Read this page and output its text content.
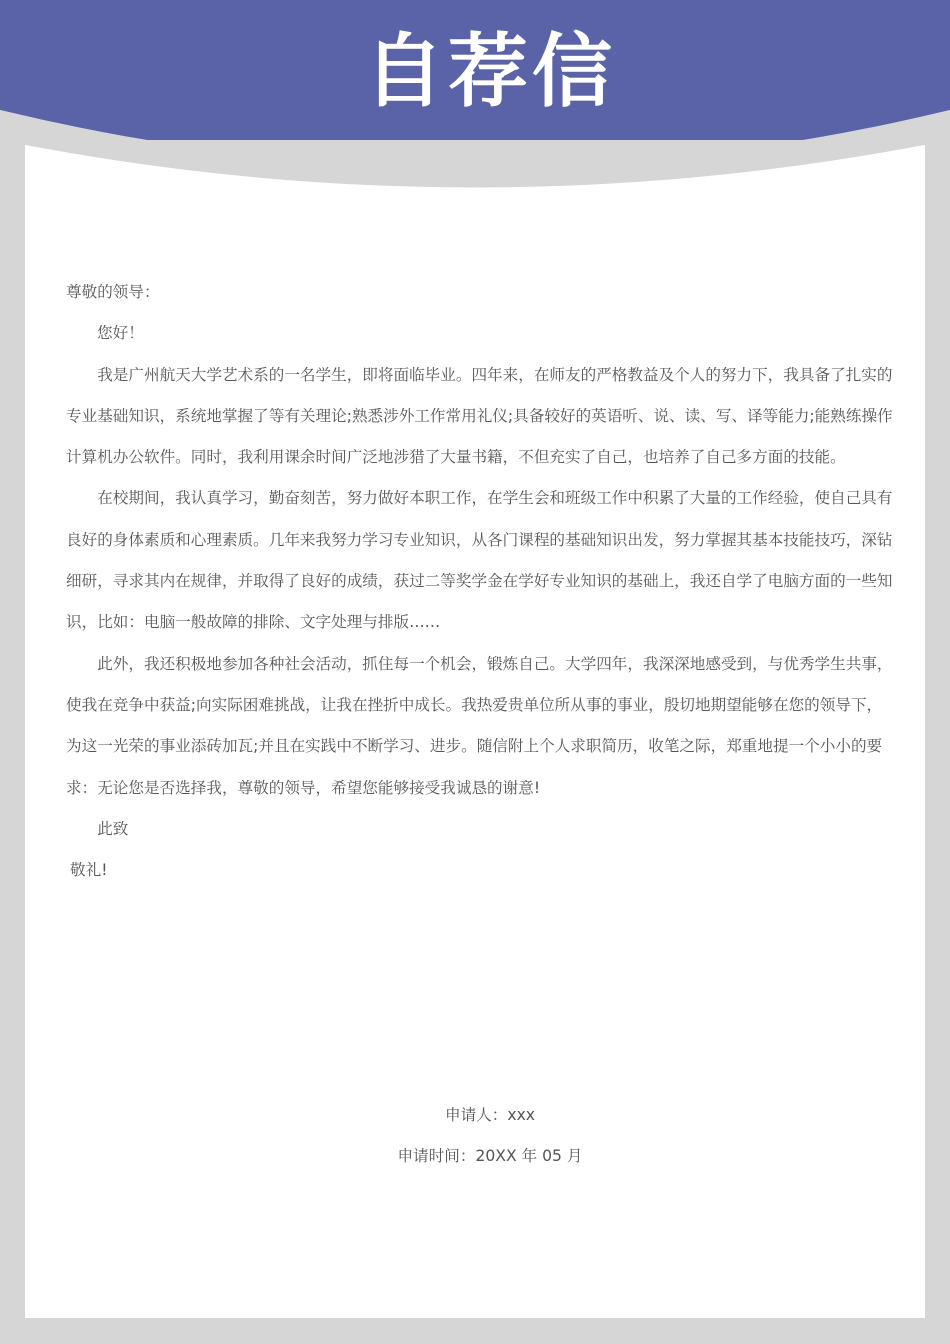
自荐信

尊敬的领导：

您好！

我是广州航天大学艺术系的一名学生，即将面临毕业。四年来，在师友的严格教益及个人的努力下，我具备了扎实的专业基础知识，系统地掌握了等有关理论;熟悉涉外工作常用礼仪;具备较好的英语听、说、读、写、译等能力;能熟练操作计算机办公软件。同时，我利用课余时间广泛地涉猎了大量书籍，不但充实了自己，也培养了自己多方面的技能。

在校期间，我认真学习，勤奋刻苦，努力做好本职工作，在学生会和班级工作中积累了大量的工作经验，使自己具有良好的身体素质和心理素质。几年来我努力学习专业知识，从各门课程的基础知识出发，努力掌握其基本技能技巧，深钻细研，寻求其内在规律，并取得了良好的成绩，获过二等奖学金在学好专业知识的基础上，我还自学了电脑方面的一些知识，比如：电脑一般故障的排除、文字处理与排版……

此外，我还积极地参加各种社会活动，抓住每一个机会，锻炼自己。大学四年，我深深地感受到，与优秀学生共事，使我在竞争中获益;向实际困难挑战，让我在挫折中成长。我热爱贵单位所从事的事业，殷切地期望能够在您的领导下，为这一光荣的事业添砖加瓦;并且在实践中不断学习、进步。随信附上个人求职简历，收笔之际，郑重地提一个小小的要求：无论您是否选择我，尊敬的领导，希望您能够接受我诚恳的谢意!

此致

敬礼!

申请人：xxx
申请时间：20XX 年 05 月
